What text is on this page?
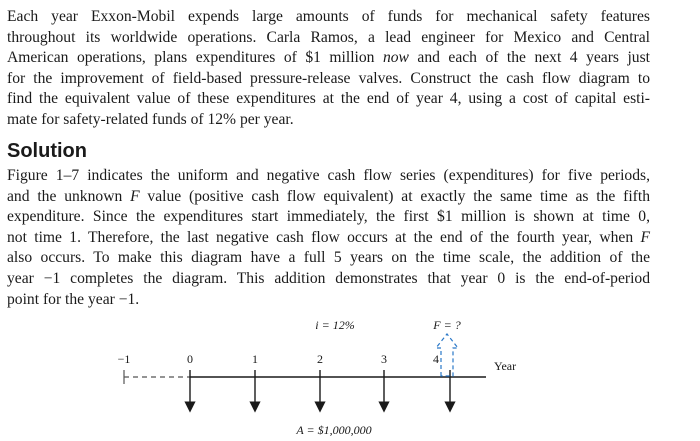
Each year Exxon-Mobil expends large amounts of funds for mechanical safety features
throughout its worldwide operations. Carla Ramos, a lead engineer for Mexico and Central
American operations, plans expenditures of $1 million now and each of the next 4 years just
for the improvement of field-based pressure-release valves. Construct the cash flow diagram to
find the equivalent value of these expenditures at the end of year 4, using a cost of capital esti-
mate for safety-related funds of 12% per year.
Solution
Figure 1–7 indicates the uniform and negative cash flow series (expenditures) for five periods,
and the unknown F value (positive cash flow equivalent) at exactly the same time as the fifth
expenditure. Since the expenditures start immediately, the first $1 million is shown at time 0,
not time 1. Therefore, the last negative cash flow occurs at the end of the fourth year, when F
also occurs. To make this diagram have a full 5 years on the time scale, the addition of the
year −1 completes the diagram. This addition demonstrates that year 0 is the end-of-period
point for the year −1.
i = 12%	F = ?
A = $1,000,000
Year
−1	0	1	2	3	4
